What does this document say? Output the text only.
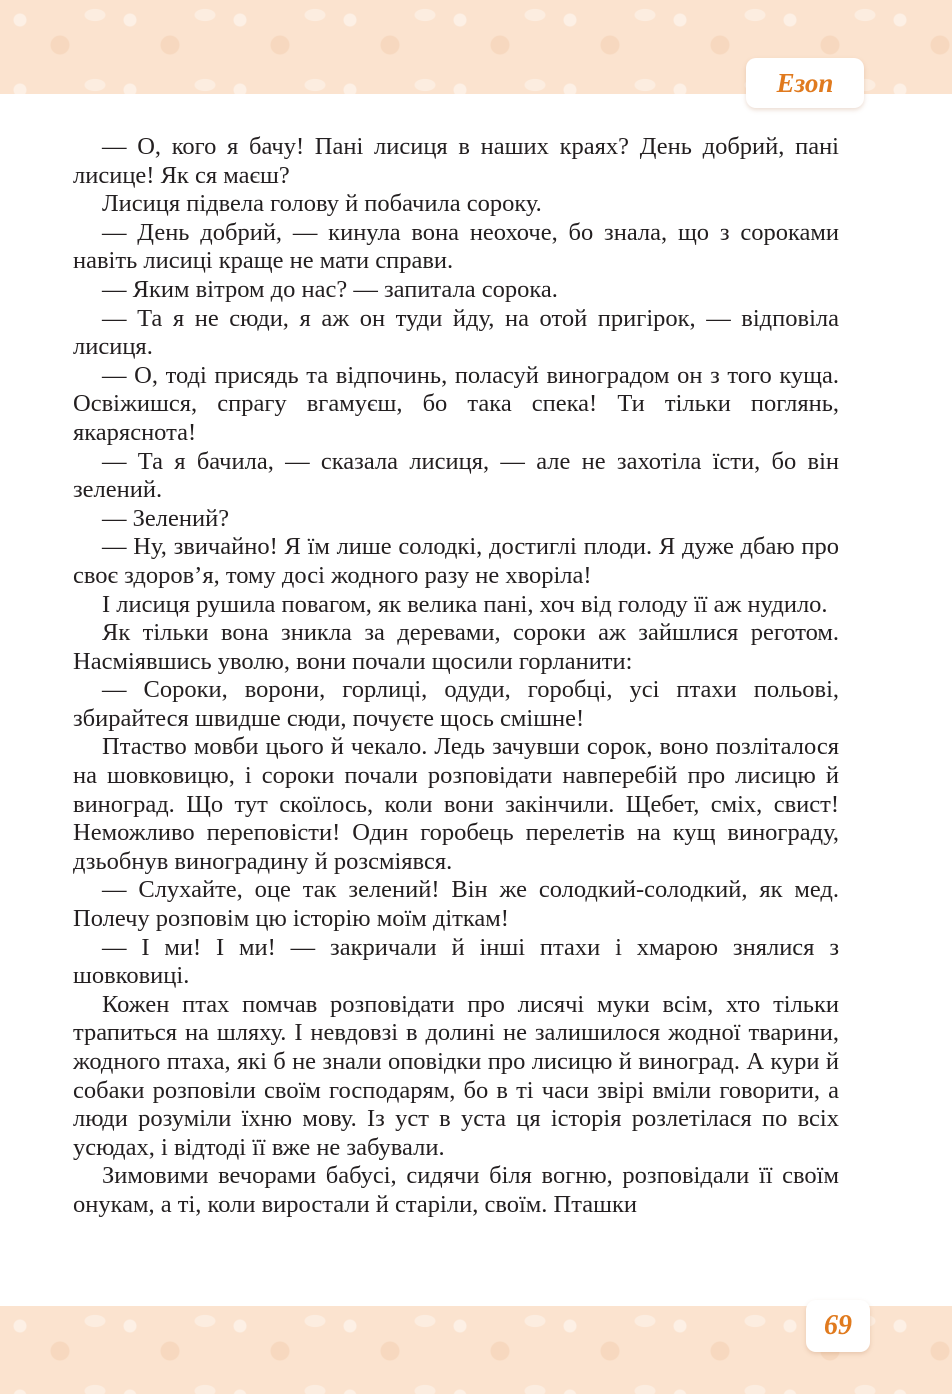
Езоп

— О, кого я бачу! Пані лисиця в наших краях? День добрий, пані лисице! Як ся маєш?

Лисиця підвела голову й побачила сороку.

— День добрий, — кинула вона неохоче, бо знала, що з сороками навіть лисиці краще не мати справи.

— Яким вітром до нас? — запитала сорока.

— Та я не сюди, я аж он туди йду, на отой пригірок, — відповіла лисиця.

— О, тоді присядь та відпочинь, поласуй виноградом он з того куща. Освіжишся, спрагу вгамуєш, бо така спека! Ти тільки поглянь, якаряснота!

— Та я бачила, — сказала лисиця, — але не захотіла їсти, бо він зелений.

— Зелений?

— Ну, звичайно! Я їм лише солодкі, достиглі плоди. Я дуже дбаю про своє здоров’я, тому досі жодного разу не хворіла!

І лисиця рушила повагом, як велика пані, хоч від голоду її аж нудило.

Як тільки вона зникла за деревами, сороки аж зайшлися реготом. Насміявшись уволю, вони почали щосили горланити:

— Сороки, ворони, горлиці, одуди, горобці, усі птахи польові, збирайтеся швидше сюди, почуєте щось смішне!

Птаство мовби цього й чекало. Ледь зачувши сорок, воно позліталося на шовковицю, і сороки почали розповідати навперебій про лисицю й виноград. Що тут скоїлось, коли вони закінчили. Щебет, сміх, свист! Неможливо переповісти! Один горобець перелетів на кущ винограду, дзьобнув виноградину й розсміявся.

— Слухайте, оце так зелений! Він же солодкий-солодкий, як мед. Полечу розповім цю історію моїм діткам!

— І ми! І ми! — закричали й інші птахи і хмарою знялися з шовковиці.

Кожен птах помчав розповідати про лисячі муки всім, хто тільки трапиться на шляху. І невдовзі в долині не залишилося жодної тварини, жодного птаха, які б не знали оповідки про лисицю й виноград. А кури й собаки розповіли своїм господарям, бо в ті часи звірі вміли говорити, а люди розуміли їхню мову. Із уст в уста ця історія розлетілася по всіх усюдах, і відтоді її вже не забували.

Зимовими вечорами бабусі, сидячи біля вогню, розповідали її своїм онукам, а ті, коли виростали й старіли, своїм. Пташки

69
